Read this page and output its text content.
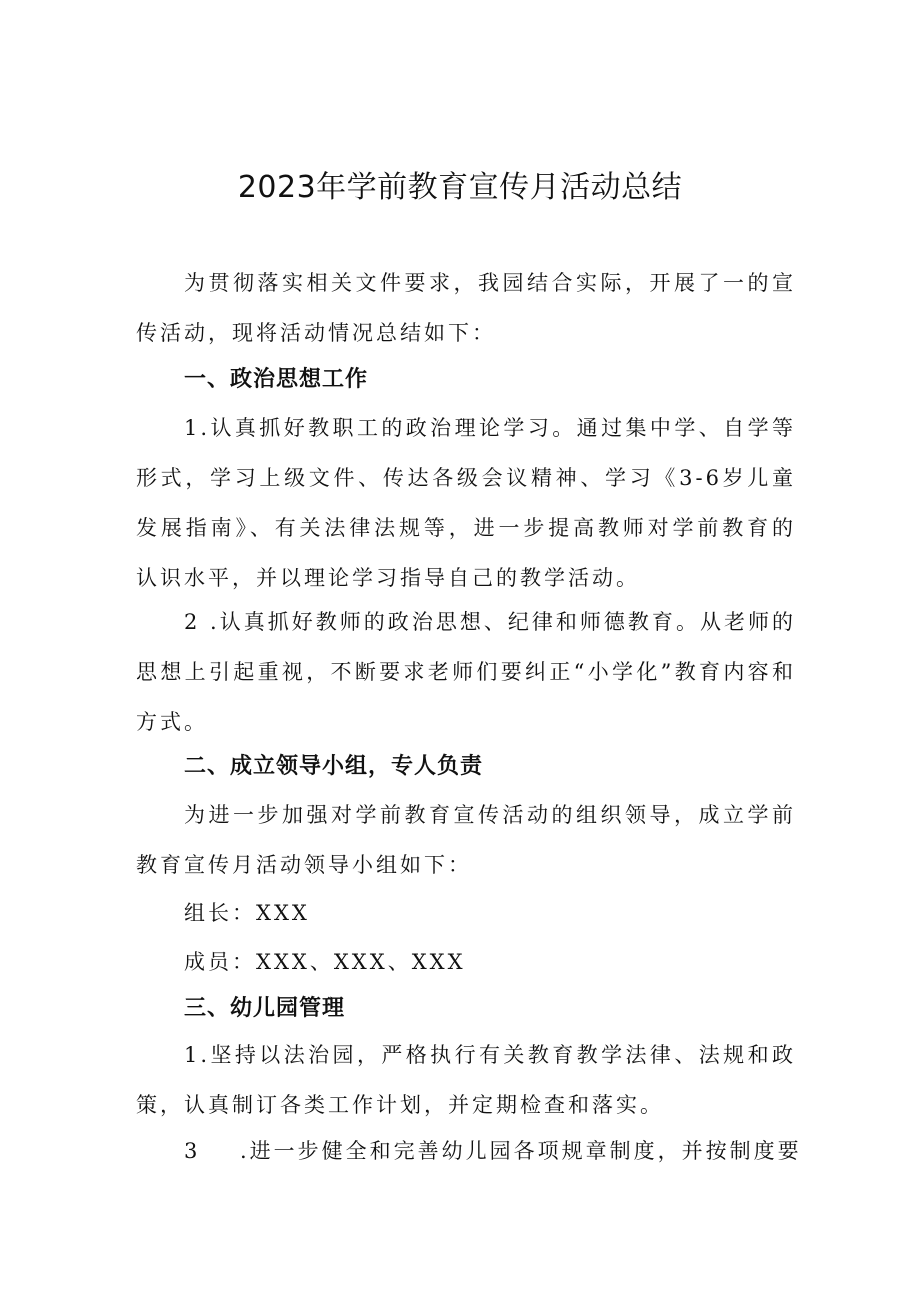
2023年学前教育宣传月活动总结

为贯彻落实相关文件要求，我园结合实际，开展了一的宣传活动，现将活动情况总结如下：

一、政治思想工作

1.认真抓好教职工的政治理论学习。通过集中学、自学等形式，学习上级文件、传达各级会议精神、学习《3-6岁儿童发展指南》、有关法律法规等，进一步提高教师对学前教育的认识水平，并以理论学习指导自己的教学活动。

2 .认真抓好教师的政治思想、纪律和师德教育。从老师的思想上引起重视，不断要求老师们要纠正“小学化”教育内容和方式。

二、成立领导小组，专人负责

为进一步加强对学前教育宣传活动的组织领导，成立学前教育宣传月活动领导小组如下：

组长：XXX

成员：XXX、XXX、XXX

三、幼儿园管理

1.坚持以法治园，严格执行有关教育教学法律、法规和政策，认真制订各类工作计划，并定期检查和落实。

3 .进一步健全和完善幼儿园各项规章制度，并按制度要
